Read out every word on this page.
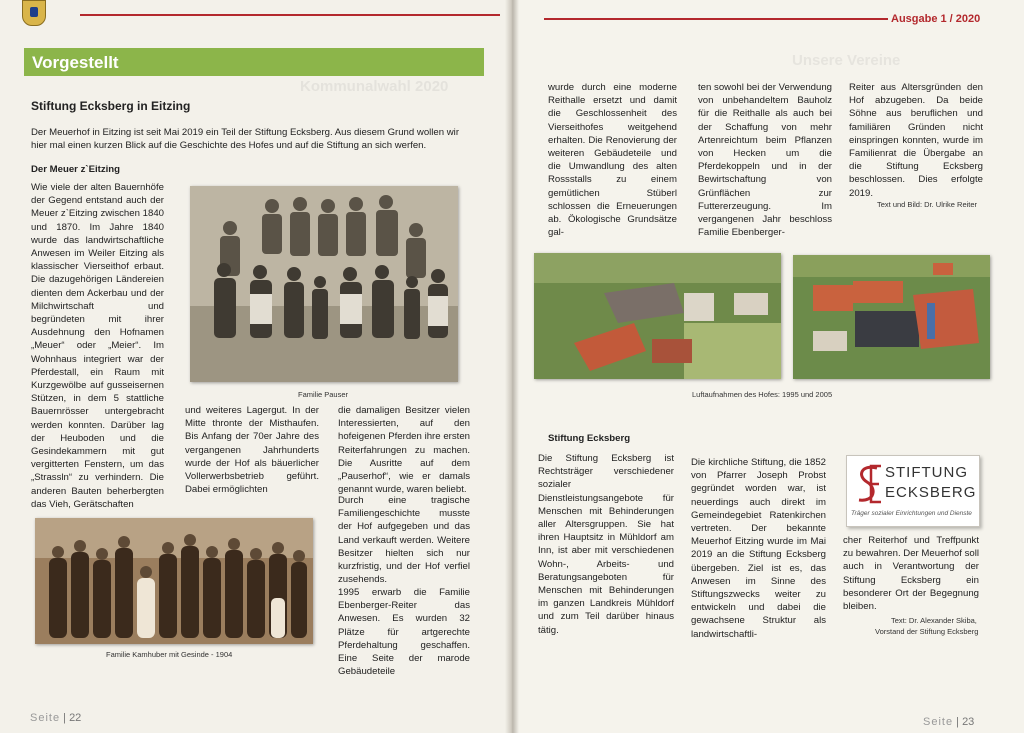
Kommunalwahl 2020
Vorgestellt
Stiftung Ecksberg in Eitzing

Der Meuerhof in Eitzing ist seit Mai 2019 ein Teil der Stiftung Ecksberg. Aus diesem Grund wollen wir hier mal einen kurzen Blick auf die Geschichte des Hofes und auf die Stiftung an sich werfen.

Der Meuer z`Eitzing

Wie viele der alten Bauernhöfe der Gegend entstand auch der Meuer z`Eitzing zwischen 1840 und 1870. Im Jahre 1840 wurde das landwirtschaftliche Anwesen im Weiler Eitzing als klassischer Vierseithof erbaut. Die dazugehörigen Ländereien dienten dem Ackerbau und der Milchwirtschaft und begründeten mit ihrer Ausdehnung den Hofnamen „Meuer“ oder „Meier“. Im Wohnhaus integriert war der Pferdestall, ein Raum mit Kurzgewölbe auf gusseisernen Stützen, in dem 5 stattliche Bauernrösser untergebracht werden konnten. Darüber lag der Heuboden und die Gesindekammern mit gut vergitterten Fenstern, um das „Strassln“ zu verhindern. Die anderen Bauten beherbergten das Vieh, Gerätschaften

Familie Pauser

und weiteres Lagergut. In der Mitte thronte der Misthaufen. Bis Anfang der 70er Jahre des vergangenen Jahrhunderts wurde der Hof als bäuerlicher Vollerwerbsbetrieb geführt. Dabei ermöglichten

die damaligen Besitzer vielen Interessierten, auf den hofeigenen Pferden ihre ersten Reiterfahrungen zu machen. Die Ausritte auf dem „Pauserhof“, wie er damals genannt wurde, waren beliebt.

Durch eine tragische Familiengeschichte musste der Hof aufgegeben und das Land verkauft werden. Weitere Besitzer hielten sich nur kurzfristig, und der Hof verfiel zusehends.

1995 erwarb die Familie Ebenberger-Reiter das Anwesen. Es wurden 32 Plätze für artgerechte Pferdehaltung geschaffen. Eine Seite der marode Gebäudeteile

Familie Kamhuber mit Gesinde - 1904
Seite | 22
Ausgabe 1 / 2020
Unsere Vereine

wurde durch eine moderne Reithalle ersetzt und damit die Geschlossenheit des Vierseithofes weitgehend erhalten. Die Renovierung der weiteren Gebäudeteile und die Umwandlung des alten Rossstalls zu einem gemütlichen Stüberl schlossen die Erneuerungen ab. Ökologische Grundsätze gal-

ten sowohl bei der Verwendung von unbehandeltem Bauholz für die Reithalle als auch bei der Schaffung von mehr Artenreichtum beim Pflanzen von Hecken um die Pferdekoppeln und in der Bewirtschaftung von Grünflächen zur Futtererzeugung. Im vergangenen Jahr beschloss Familie Ebenberger-

Reiter aus Altersgründen den Hof abzugeben. Da beide Söhne aus beruflichen und familiären Gründen nicht einspringen konnten, wurde im Familienrat die Übergabe an die Stiftung Ecksberg beschlossen. Dies erfolgte 2019.

Text und Bild: Dr. Ulrike Reiter
Luftaufnahmen des Hofes: 1995 und 2005
Stiftung Ecksberg

Die Stiftung Ecksberg ist Rechtsträger verschiedener sozialer Dienstleistungsangebote für Menschen mit Behinderungen aller Altersgruppen. Sie hat ihren Hauptsitz in Mühldorf am Inn, ist aber mit verschiedenen Wohn-, Arbeits- und Beratungsangeboten für Menschen mit Behinderungen im ganzen Landkreis Mühldorf und zum Teil darüber hinaus tätig.

Die kirchliche Stiftung, die 1852 von Pfarrer Joseph Probst gegründet worden war, ist neuerdings auch direkt im Gemeindegebiet Ratenkirchen vertreten. Der bekannte Meuerhof Eitzing wurde im Mai 2019 an die Stiftung Ecksberg übergeben. Ziel ist es, das Anwesen im Sinne des Stiftungszwecks weiter zu entwickeln und dabei die gewachsene Struktur als landwirtschaftli-

cher Reiterhof und Treffpunkt zu bewahren. Der Meuerhof soll auch in Verantwortung der Stiftung Ecksberg ein besonderer Ort der Begegnung bleiben.

Text: Dr. Alexander Skiba,
Vorstand der Stiftung Ecksberg
Seite | 23
STIFTUNG
ECKSBERG
Träger sozialer Einrichtungen und Dienste
